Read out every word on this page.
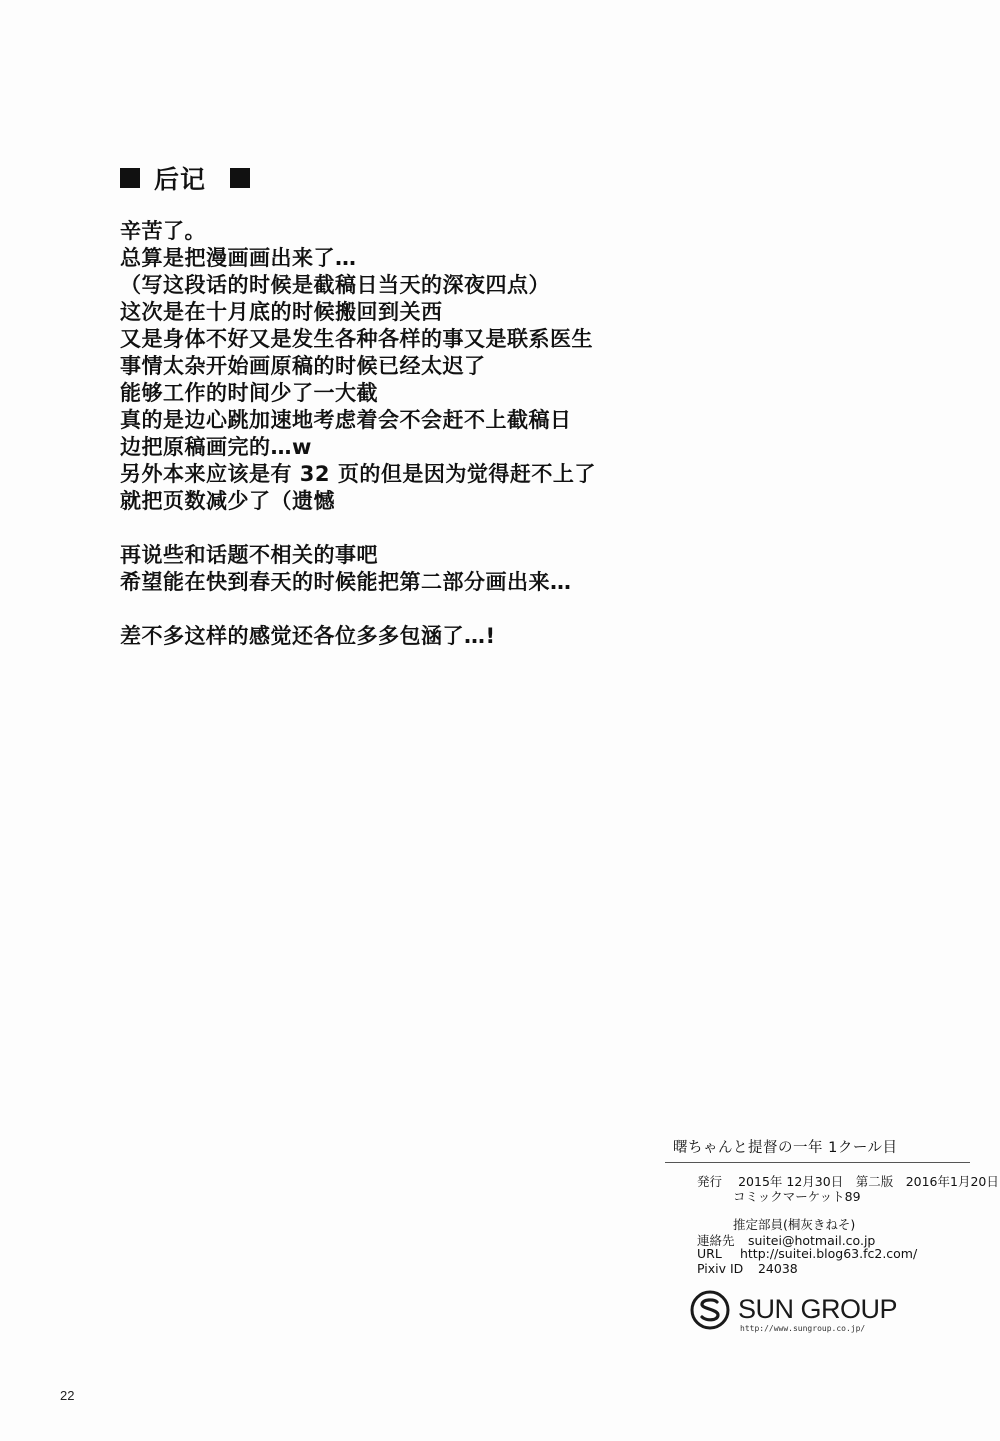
后记
辛苦了。
总算是把漫画画出来了…
（写这段话的时候是截稿日当天的深夜四点）
这次是在十月底的时候搬回到关西
又是身体不好又是发生各种各样的事又是联系医生
事情太杂开始画原稿的时候已经太迟了
能够工作的时间少了一大截
真的是边心跳加速地考虑着会不会赶不上截稿日
边把原稿画完的…w
另外本来应该是有 32 页的但是因为觉得赶不上了
就把页数减少了（遗憾
再说些和话题不相关的事吧
希望能在快到春天的时候能把第二部分画出来…
差不多这样的感觉还各位多多包涵了…!
曙ちゃんと提督の一年 1クール目
発行 2015年 12月30日　第二版　2016年1月20日
コミックマーケット89
推定部員(桐灰きねそ)
連絡先 suitei@hotmail.co.jp
URL http://suitei.blog63.fc2.com/
Pixiv ID 24038
SUN GROUP
http://www.sungroup.co.jp/
22
